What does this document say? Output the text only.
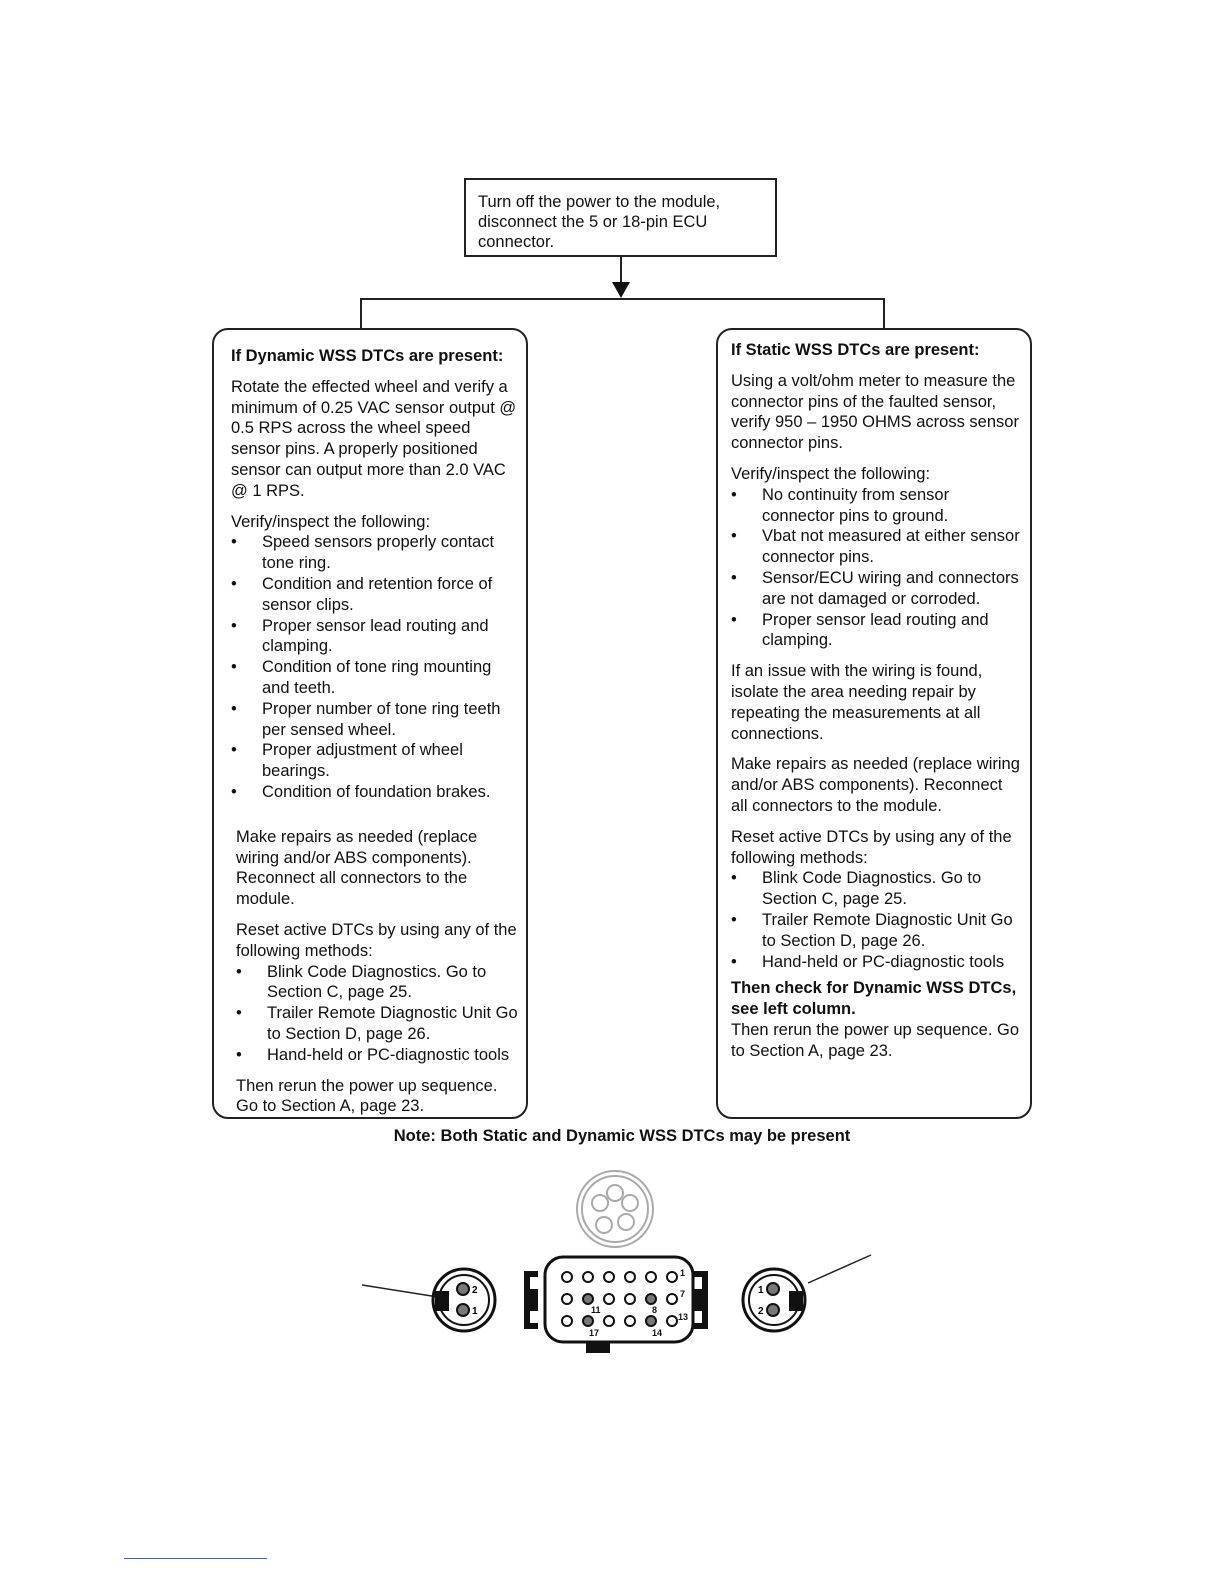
Turn off the power to the module, disconnect the 5 or 18-pin ECU connector.

If Dynamic WSS DTCs are present:

Rotate the effected wheel and verify a minimum of 0.25 VAC sensor output @ 0.5 RPS across the wheel speed sensor pins. A properly positioned sensor can output more than 2.0 VAC @ 1 RPS.

Verify/inspect the following:
• Speed sensors properly contact tone ring.
• Condition and retention force of sensor clips.
• Proper sensor lead routing and clamping.
• Condition of tone ring mounting and teeth.
• Proper number of tone ring teeth per sensed wheel.
• Proper adjustment of wheel bearings.
• Condition of foundation brakes.

Make repairs as needed (replace wiring and/or ABS components). Reconnect all connectors to the module.

Reset active DTCs by using any of the following methods:
• Blink Code Diagnostics. Go to Section C, page 25.
• Trailer Remote Diagnostic Unit Go to Section D, page 26.
• Hand-held or PC-diagnostic tools

Then rerun the power up sequence. Go to Section A, page 23.

If Static WSS DTCs are present:

Using a volt/ohm meter to measure the connector pins of the faulted sensor, verify 950 – 1950 OHMS across sensor connector pins.

Verify/inspect the following:
• No continuity from sensor connector pins to ground.
• Vbat not measured at either sensor connector pins.
• Sensor/ECU wiring and connectors are not damaged or corroded.
• Proper sensor lead routing and clamping.

If an issue with the wiring is found, isolate the area needing repair by repeating the measurements at all connections.

Make repairs as needed (replace wiring and/or ABS components). Reconnect all connectors to the module.

Reset active DTCs by using any of the following methods:
• Blink Code Diagnostics. Go to Section C, page 25.
• Trailer Remote Diagnostic Unit Go to Section D, page 26.
• Hand-held or PC-diagnostic tools
Then check for Dynamic WSS DTCs, see left column.

Then rerun the power up sequence. Go to Section A, page 23.

Note: Both Static and Dynamic WSS DTCs may be present
2
1
1
7
11	8
13
17	14
1
2
